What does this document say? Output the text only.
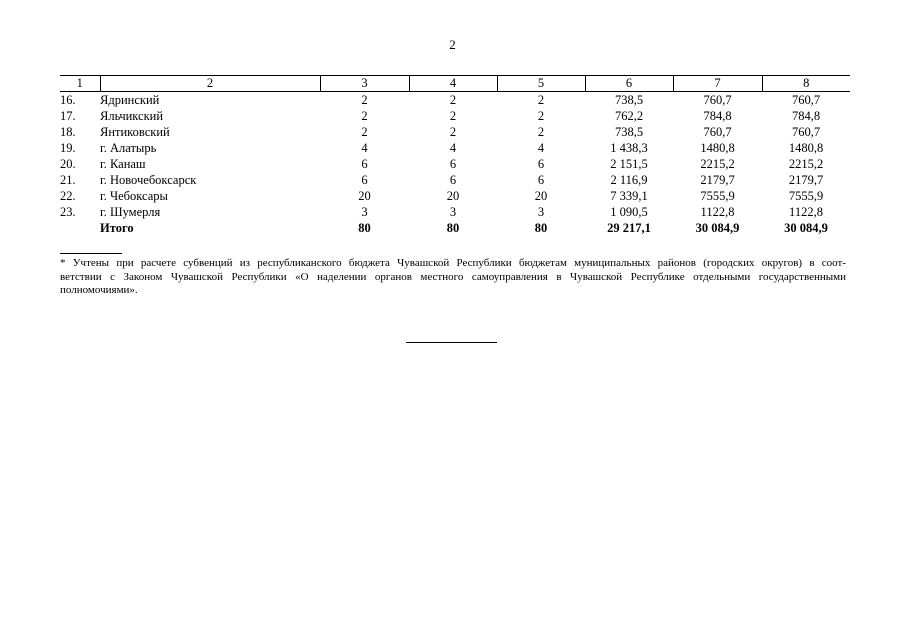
2
1	2	3	4	5	6	7	8
16.	Ядринский	2	2	2	738,5	760,7	760,7
17.	Яльчикский	2	2	2	762,2	784,8	784,8
18.	Янтиковский	2	2	2	738,5	760,7	760,7
19.	г. Алатырь	4	4	4	1 438,3	1480,8	1480,8
20.	г. Канаш	6	6	6	2 151,5	2215,2	2215,2
21.	г. Новочебоксарск	6	6	6	2 116,9	2179,7	2179,7
22.	г. Чебоксары	20	20	20	7 339,1	7555,9	7555,9
23.	г. Шумерля	3	3	3	1 090,5	1122,8	1122,8
	Итого	80	80	80	29 217,1	30 084,9	30 084,9
* Учтены при расчете субвенций из республиканского бюджета Чувашской Республики бюджетам муниципальных районов (городских округов) в соот-
ветствии с Законом Чувашской Республики «О наделении органов местного самоуправления в Чувашской Республике отдельными государственными
полномочиями».
